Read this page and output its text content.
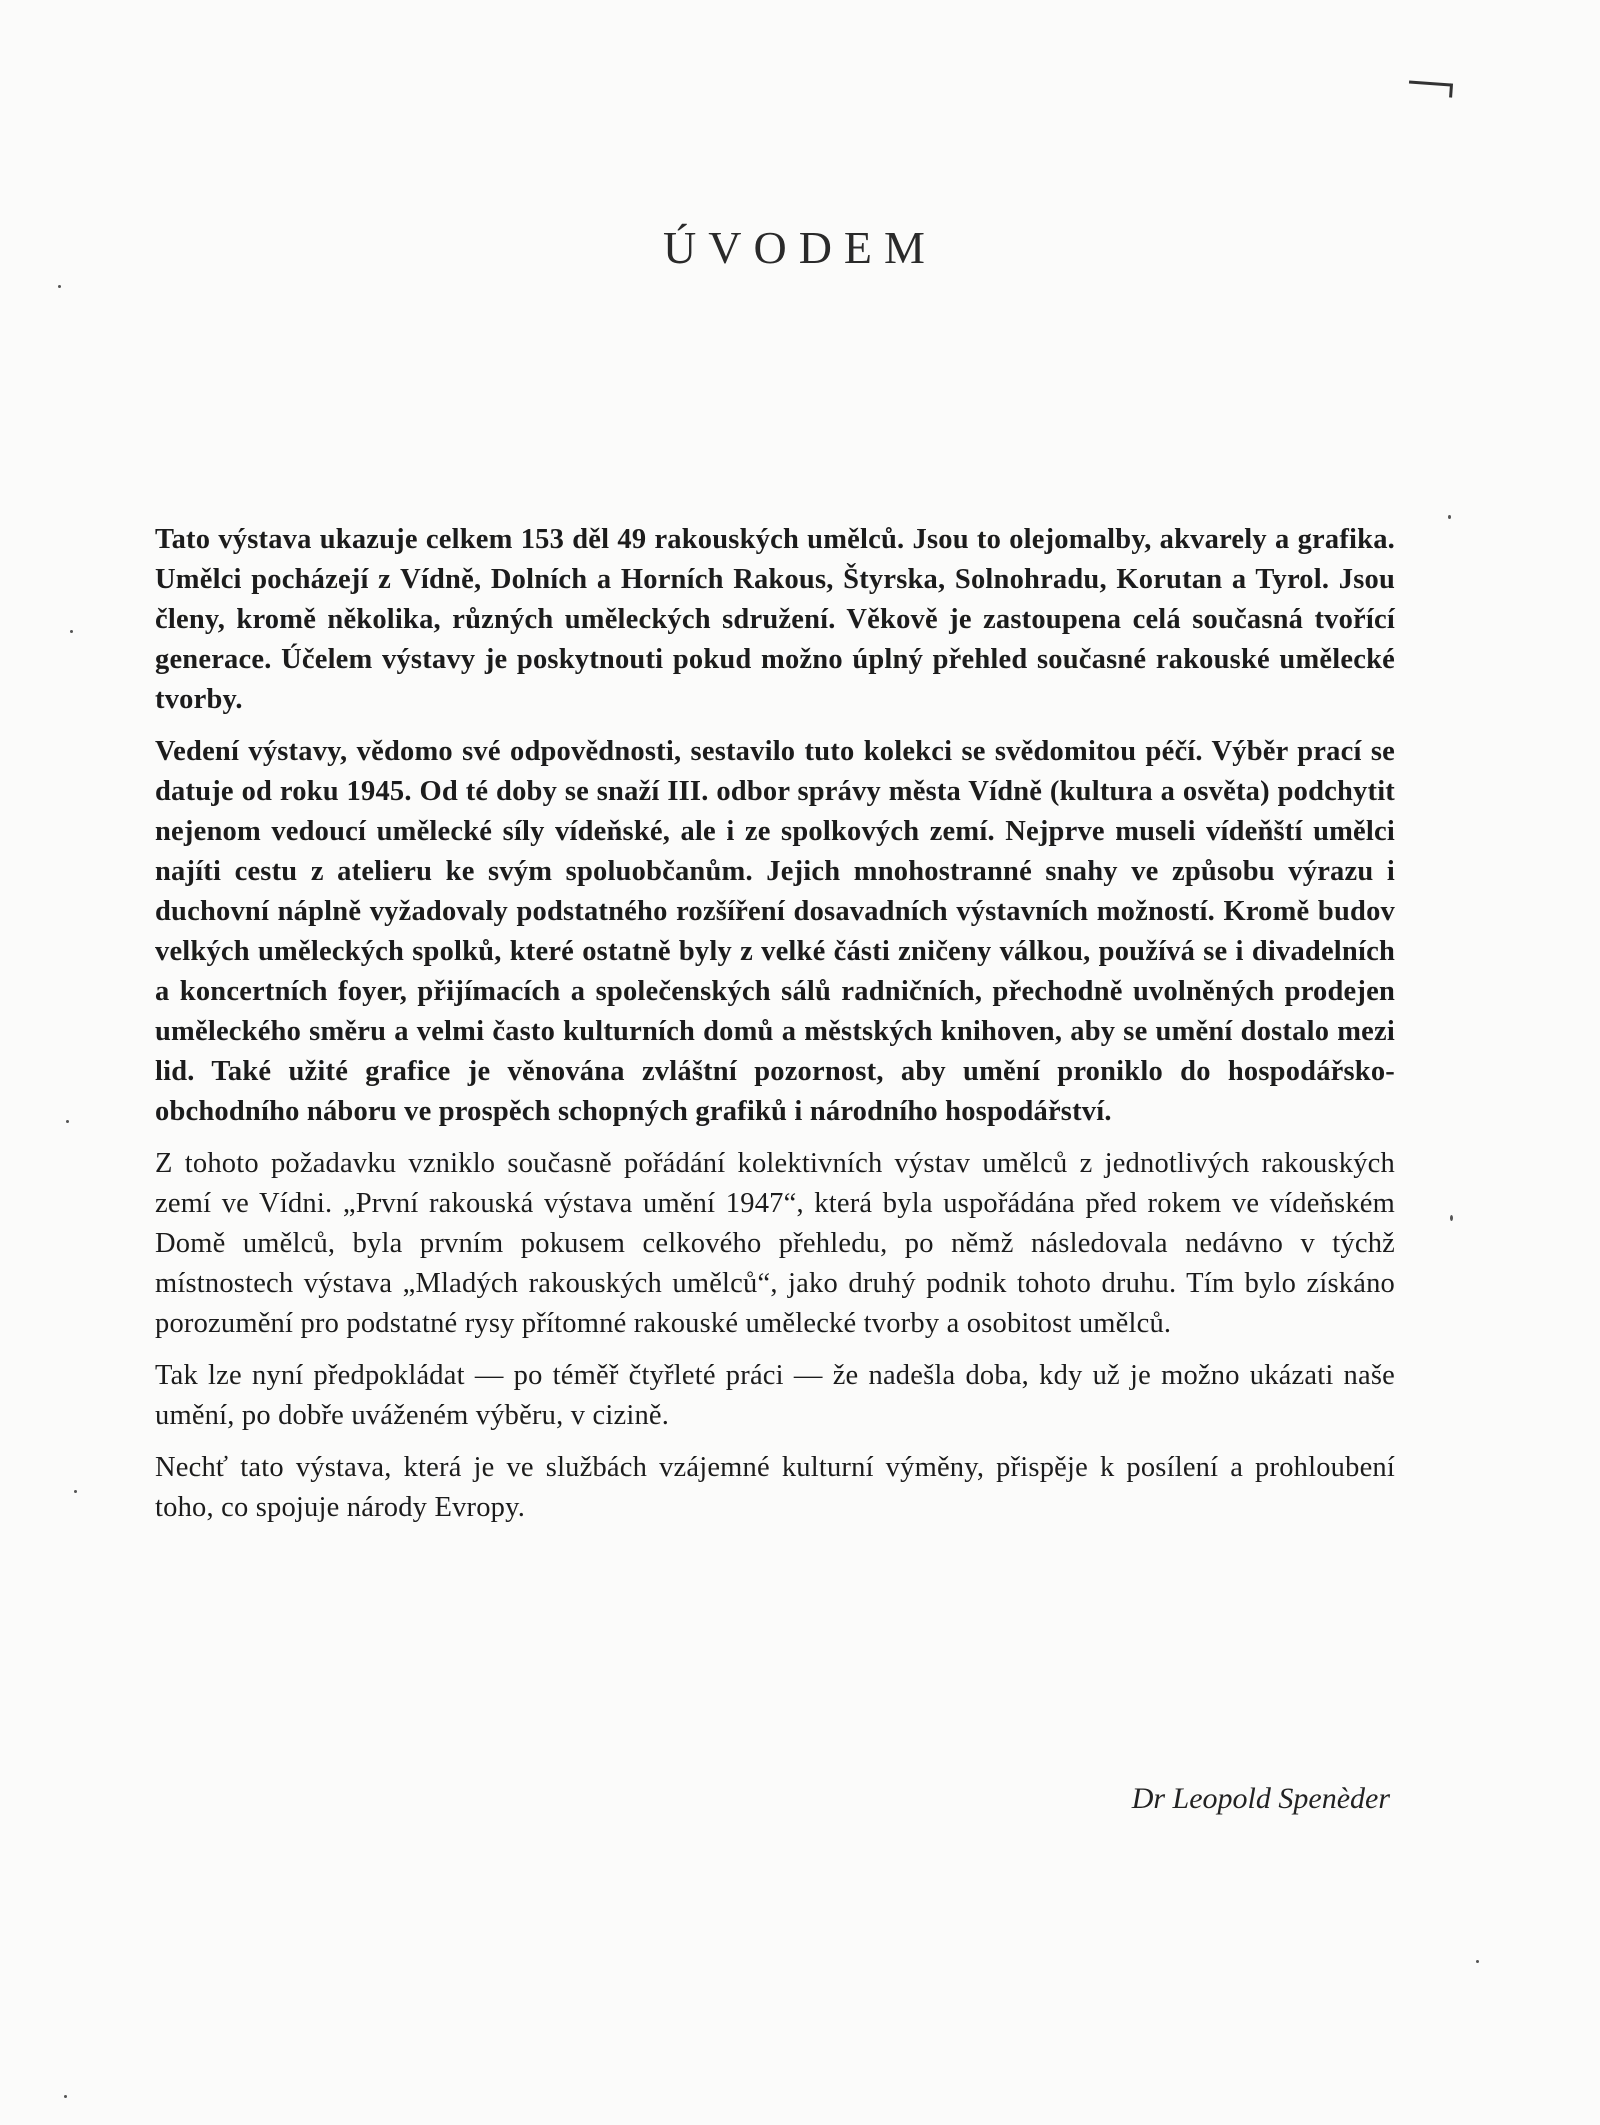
ÚVODEM

Tato výstava ukazuje celkem 153 děl 49 rakouských umělců. Jsou to olejomalby, akvarely a grafika. Umělci pocházejí z Vídně, Dolních a Horních Rakous, Štyrska, Solnohradu, Korutan a Tyrol. Jsou členy, kromě několika, různých uměleckých sdružení. Věkově je zastoupena celá současná tvořící generace. Účelem výstavy je poskytnouti pokud možno úplný přehled současné rakouské umělecké tvorby.

Vedení výstavy, vědomo své odpovědnosti, sestavilo tuto kolekci se svědomitou péčí. Výběr prací se datuje od roku 1945. Od té doby se snaží III. odbor správy města Vídně (kultura a osvěta) podchytit nejenom vedoucí umělecké síly vídeňské, ale i ze spolkových zemí. Nejprve museli vídeňští umělci najíti cestu z atelieru ke svým spoluobčanům. Jejich mnohostranné snahy ve způsobu výrazu i duchovní náplně vyžadovaly podstatného rozšíření dosavadních výstavních možností. Kromě budov velkých uměleckých spolků, které ostatně byly z velké části zničeny válkou, používá se i divadelních a koncertních foyer, přijímacích a společenských sálů radničních, přechodně uvolněných prodejen uměleckého směru a velmi často kulturních domů a městských knihoven, aby se umění dostalo mezi lid. Také užité grafice je věnována zvláštní pozornost, aby umění proniklo do hospodářsko-obchodního náboru ve prospěch schopných grafiků i národního hospodářství.

Z tohoto požadavku vzniklo současně pořádání kolektivních výstav umělců z jednotlivých rakouských zemí ve Vídni. „První rakouská výstava umění 1947“, která byla uspořádána před rokem ve vídeňském Domě umělců, byla prvním pokusem celkového přehledu, po němž následovala nedávno v týchž místnostech výstava „Mladých rakouských umělců“, jako druhý podnik tohoto druhu. Tím bylo získáno porozumění pro podstatné rysy přítomné rakouské umělecké tvorby a osobitost umělců.

Tak lze nyní předpokládat — po téměř čtyřleté práci — že nadešla doba, kdy už je možno ukázati naše umění, po dobře uváženém výběru, v cizině.

Nechť tato výstava, která je ve službách vzájemné kulturní výměny, přispěje k posílení a prohloubení toho, co spojuje národy Evropy.

Dr Leopold Spenèder
